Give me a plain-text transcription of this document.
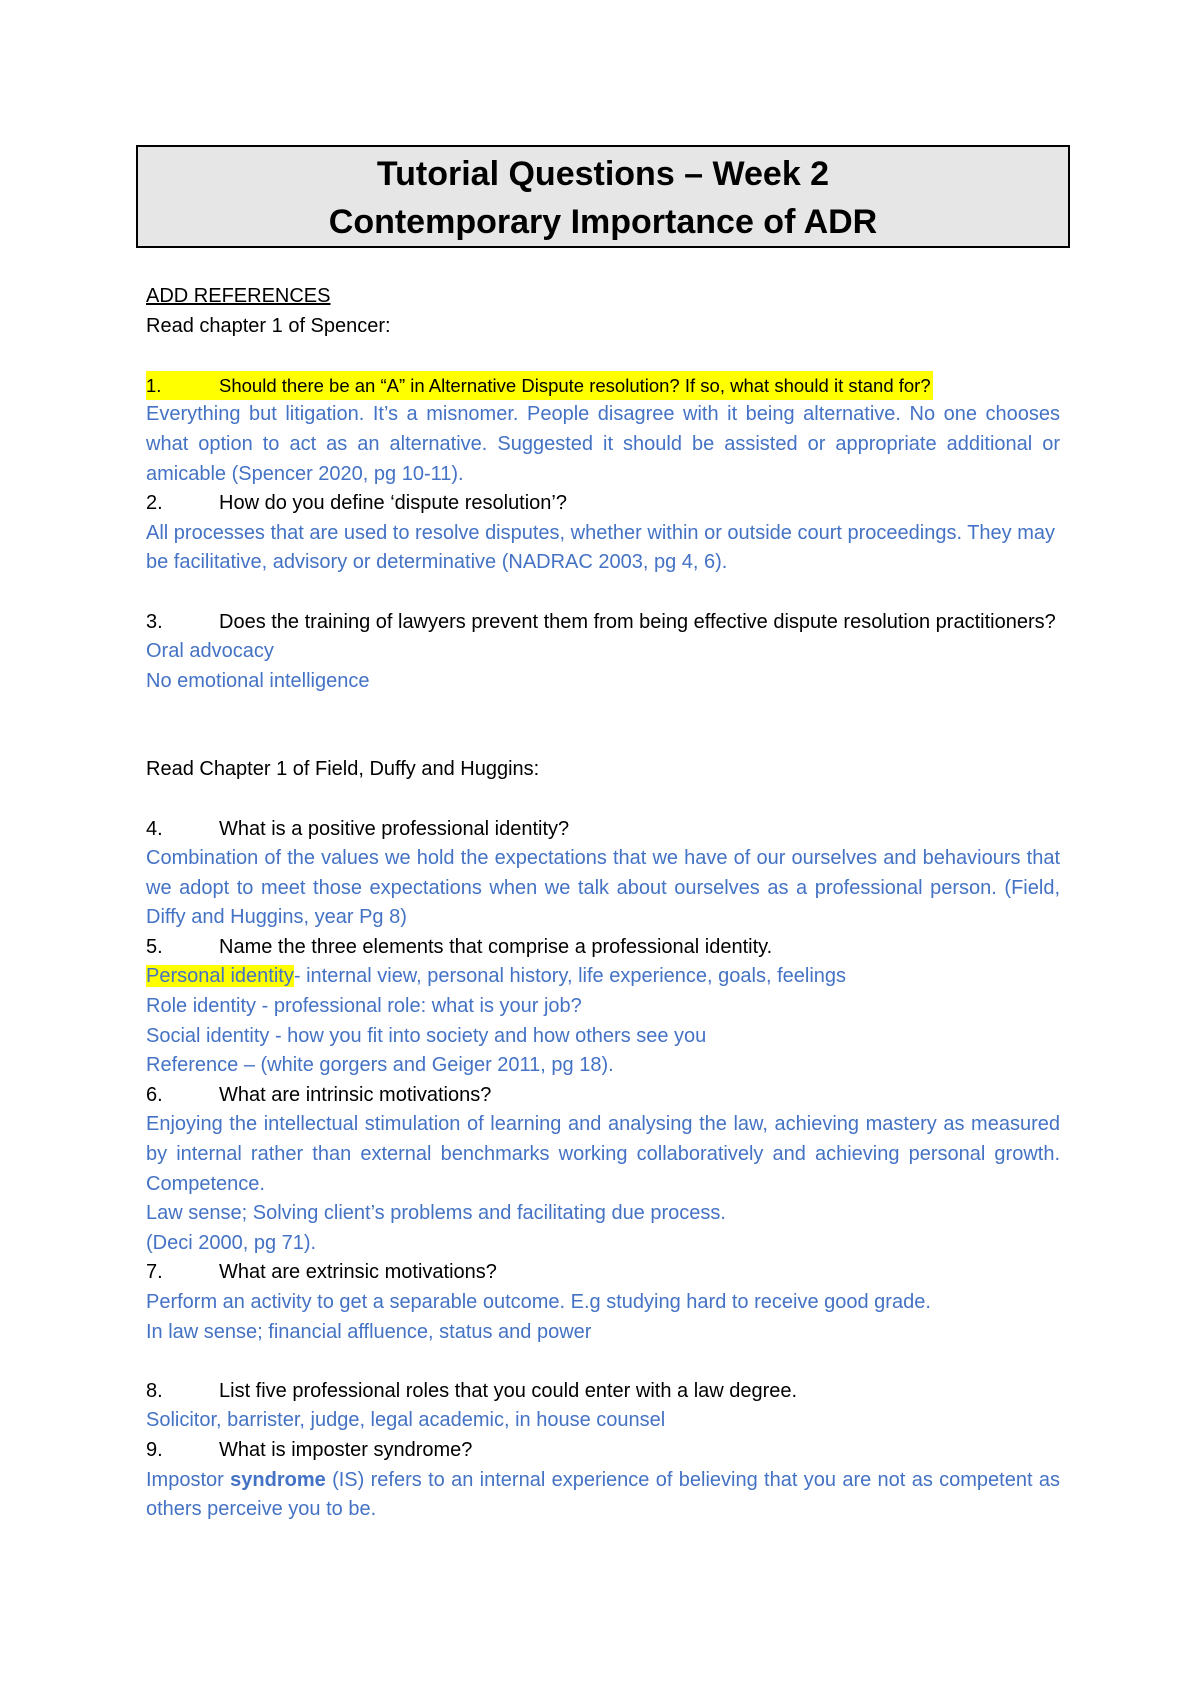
Tutorial Questions – Week 2
Contemporary Importance of ADR
ADD REFERENCES
Read chapter 1 of Spencer:
1.	Should there be an “A” in Alternative Dispute resolution? If so, what should it stand for?
Everything but litigation. It’s a misnomer. People disagree with it being alternative. No one chooses what option to act as an alternative. Suggested it should be assisted or appropriate additional or amicable (Spencer 2020, pg 10-11).
2.	How do you define ‘dispute resolution’?
All processes that are used to resolve disputes, whether within or outside court proceedings. They may be facilitative, advisory or determinative (NADRAC 2003, pg 4, 6).
3.	Does the training of lawyers prevent them from being effective dispute resolution practitioners?
Oral advocacy
No emotional intelligence
Read Chapter 1 of Field, Duffy and Huggins:
4.	What is a positive professional identity?
Combination of the values we hold the expectations that we have of our ourselves and behaviours that we adopt to meet those expectations when we talk about ourselves as a professional person. (Field, Diffy and Huggins, year Pg 8)
5.	Name the three elements that comprise a professional identity.
Personal identity- internal view, personal history, life experience, goals, feelings
Role identity - professional role: what is your job?
Social identity - how you fit into society and how others see you
Reference – (white gorgers and Geiger 2011, pg 18).
6.	What are intrinsic motivations?
Enjoying the intellectual stimulation of learning and analysing the law, achieving mastery as measured by internal rather than external benchmarks working collaboratively and achieving personal growth. Competence.
Law sense; Solving client’s problems and facilitating due process.
(Deci 2000, pg 71).
7.	What are extrinsic motivations?
Perform an activity to get a separable outcome. E.g studying hard to receive good grade.
In law sense; financial affluence, status and power
8.	List five professional roles that you could enter with a law degree.
Solicitor, barrister, judge, legal academic, in house counsel
9.	What is imposter syndrome?
Impostor syndrome (IS) refers to an internal experience of believing that you are not as competent as others perceive you to be.
